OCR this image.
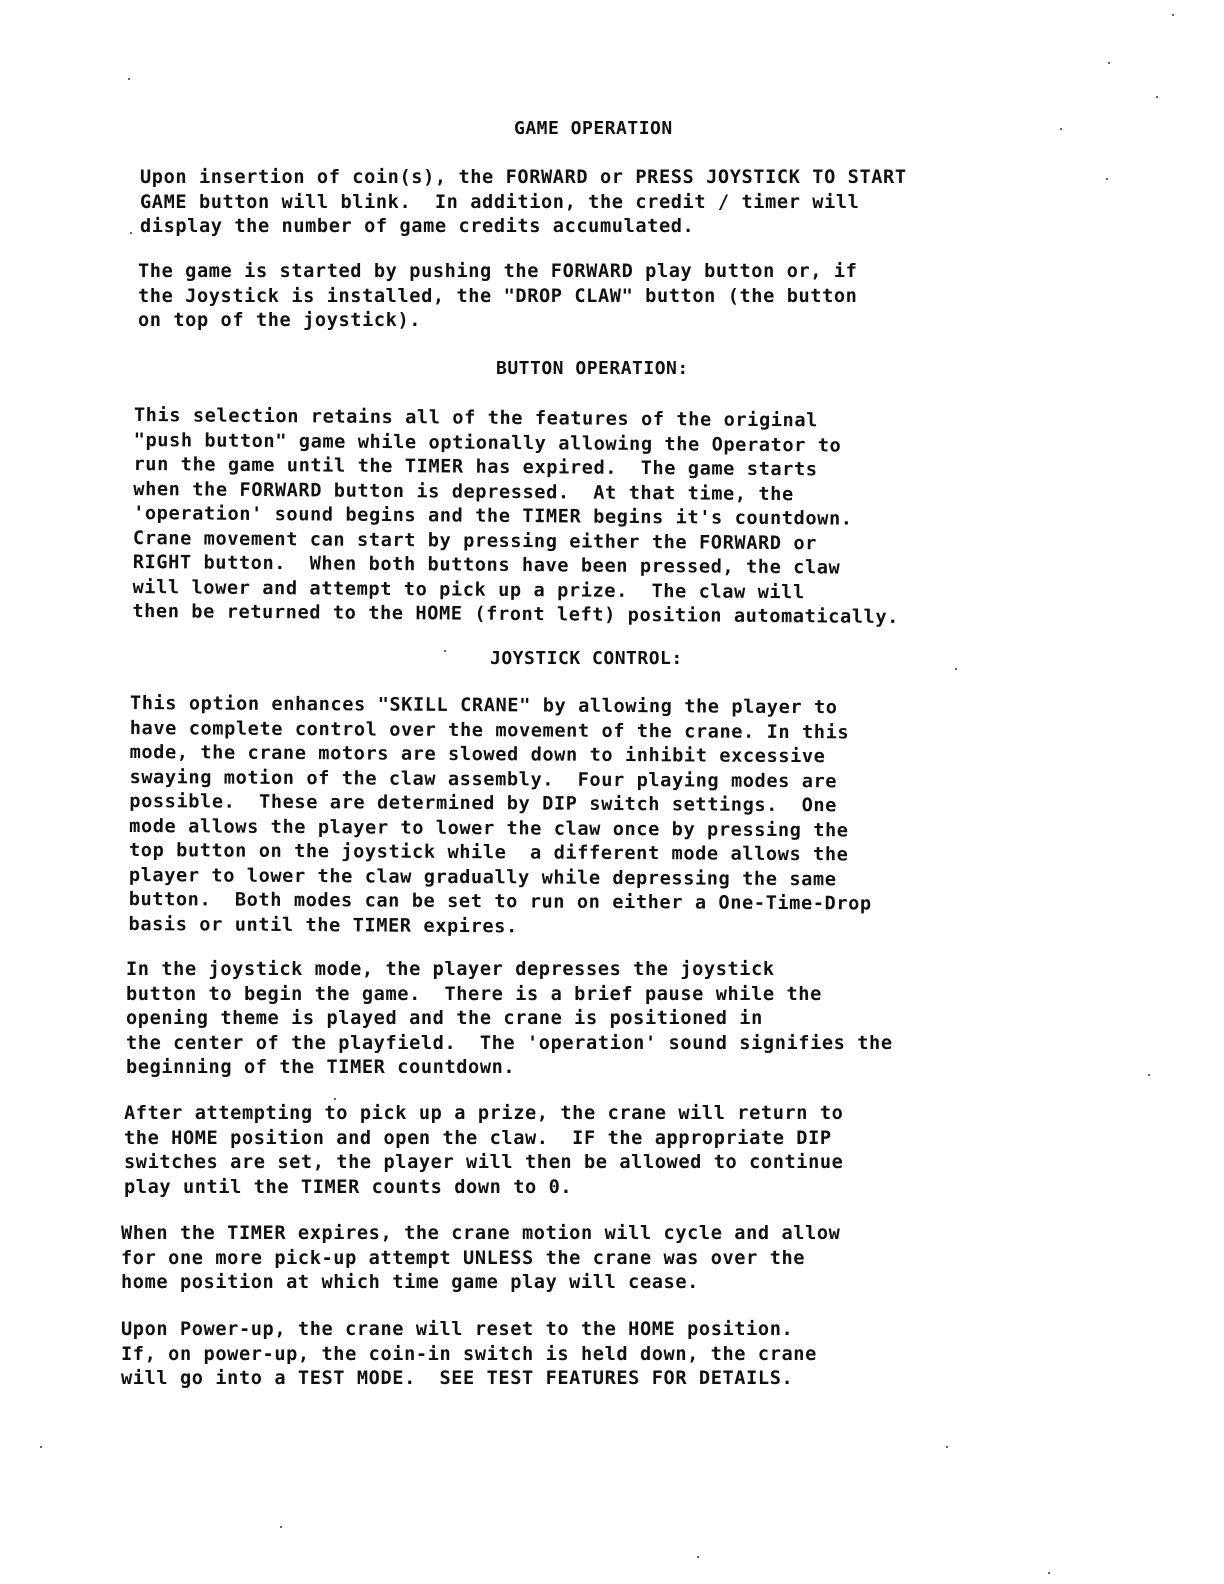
GAME OPERATION
Upon insertion of coin(s), the FORWARD or PRESS JOYSTICK TO START
GAME button will blink.  In addition, the credit / timer will
display the number of game credits accumulated.
The game is started by pushing the FORWARD play button or, if
the Joystick is installed, the "DROP CLAW" button (the button
on top of the joystick).
BUTTON OPERATION:
This selection retains all of the features of the original
"push button" game while optionally allowing the Operator to
run the game until the TIMER has expired.  The game starts
when the FORWARD button is depressed.  At that time, the
'operation' sound begins and the TIMER begins it's countdown.
Crane movement can start by pressing either the FORWARD or
RIGHT button.  When both buttons have been pressed, the claw
will lower and attempt to pick up a prize.  The claw will
then be returned to the HOME (front left) position automatically.
JOYSTICK CONTROL:
This option enhances "SKILL CRANE" by allowing the player to
have complete control over the movement of the crane. In this
mode, the crane motors are slowed down to inhibit excessive
swaying motion of the claw assembly.  Four playing modes are
possible.  These are determined by DIP switch settings.  One
mode allows the player to lower the claw once by pressing the
top button on the joystick while  a different mode allows the
player to lower the claw gradually while depressing the same
button.  Both modes can be set to run on either a One-Time-Drop
basis or until the TIMER expires.
In the joystick mode, the player depresses the joystick
button to begin the game.  There is a brief pause while the
opening theme is played and the crane is positioned in
the center of the playfield.  The 'operation' sound signifies the
beginning of the TIMER countdown.
After attempting to pick up a prize, the crane will return to
the HOME position and open the claw.  IF the appropriate DIP
switches are set, the player will then be allowed to continue
play until the TIMER counts down to 0.
When the TIMER expires, the crane motion will cycle and allow
for one more pick-up attempt UNLESS the crane was over the
home position at which time game play will cease.
Upon Power-up, the crane will reset to the HOME position.
If, on power-up, the coin-in switch is held down, the crane
will go into a TEST MODE.  SEE TEST FEATURES FOR DETAILS.
